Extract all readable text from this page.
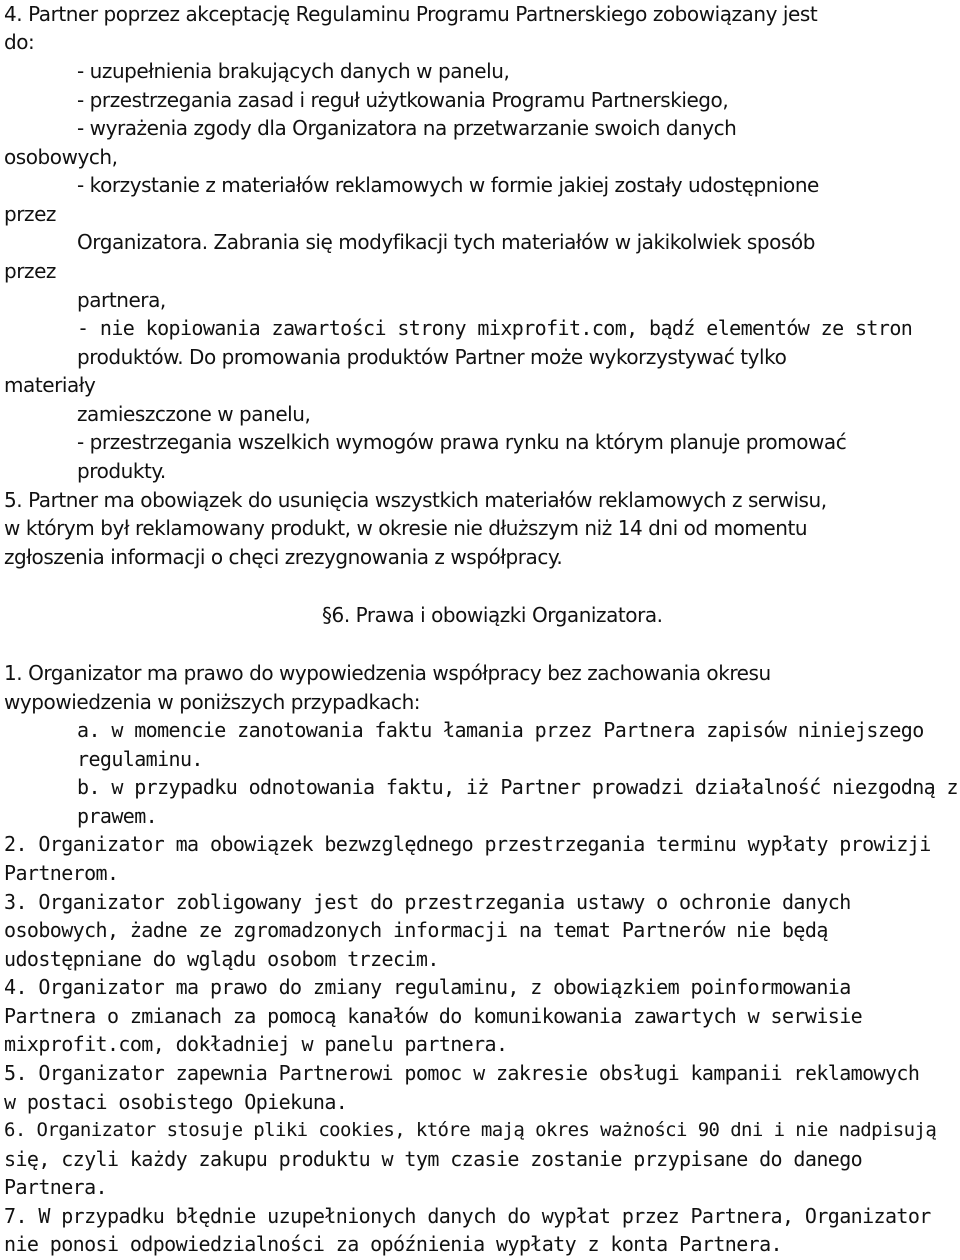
4. Partner poprzez akceptację Regulaminu Programu Partnerskiego zobowiązany jest
do:
- uzupełnienia brakujących danych w panelu,
- przestrzegania zasad i reguł użytkowania Programu Partnerskiego,
- wyrażenia zgody dla Organizatora na przetwarzanie swoich danych
osobowych,
- korzystanie z materiałów reklamowych w formie jakiej zostały udostępnione
przez
Organizatora. Zabrania się modyfikacji tych materiałów w jakikolwiek sposób
przez
partnera,
- nie kopiowania zawartości strony mixprofit.com, bądź elementów ze stron
produktów. Do promowania produktów Partner może wykorzystywać tylko
materiały
zamieszczone w panelu,
- przestrzegania wszelkich wymogów prawa rynku na którym planuje promować
produkty.
5. Partner ma obowiązek do usunięcia wszystkich materiałów reklamowych z serwisu,
w którym był reklamowany produkt, w okresie nie dłuższym niż 14 dni od momentu
zgłoszenia informacji o chęci zrezygnowania z współpracy.
§6. Prawa i obowiązki Organizatora.
1. Organizator ma prawo do wypowiedzenia współpracy bez zachowania okresu
wypowiedzenia w poniższych przypadkach:
a. w momencie zanotowania faktu łamania przez Partnera zapisów niniejszego
regulaminu.
b. w przypadku odnotowania faktu, iż Partner prowadzi działalność niezgodną z
prawem.
2. Organizator ma obowiązek bezwzględnego przestrzegania terminu wypłaty prowizji
Partnerom.
3. Organizator zobligowany jest do przestrzegania ustawy o ochronie danych
osobowych, żadne ze zgromadzonych informacji na temat Partnerów nie będą
udostępniane do wglądu osobom trzecim.
4. Organizator ma prawo do zmiany regulaminu, z obowiązkiem poinformowania
Partnera o zmianach za pomocą kanałów do komunikowania zawartych w serwisie
mixprofit.com, dokładniej w panelu partnera.
5. Organizator zapewnia Partnerowi pomoc w zakresie obsługi kampanii reklamowych
w postaci osobistego Opiekuna.
6. Organizator stosuje pliki cookies, które mają okres ważności 90 dni i nie nadpisują
się, czyli każdy zakupu produktu w tym czasie zostanie przypisane do danego
Partnera.
7. W przypadku błędnie uzupełnionych danych do wypłat przez Partnera, Organizator
nie ponosi odpowiedzialności za opóźnienia wypłaty z konta Partnera.
